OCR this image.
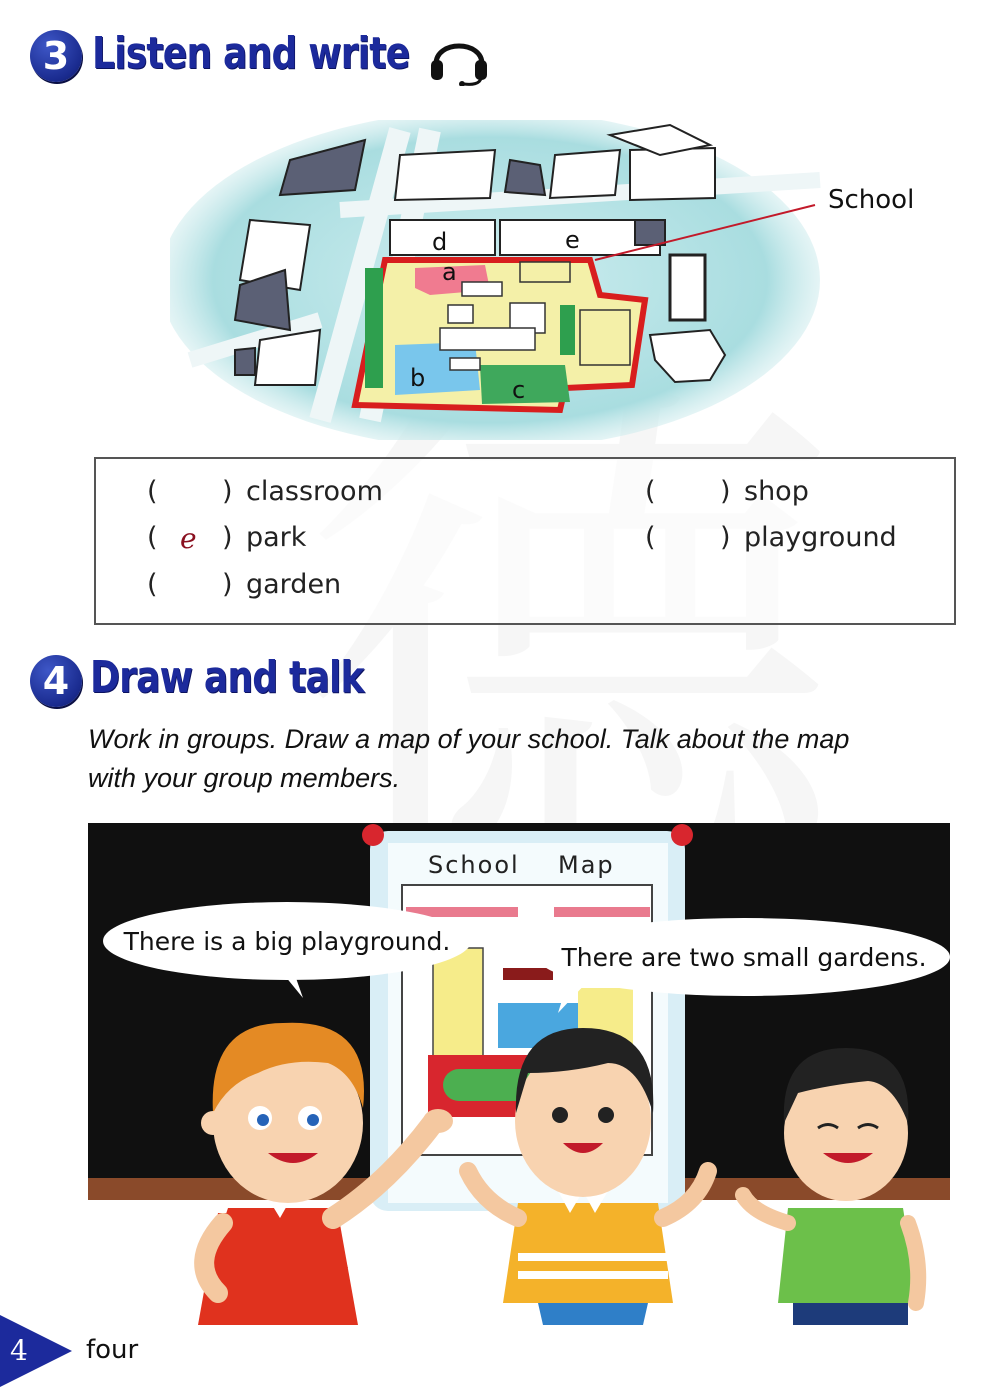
3 Listen and write
d	e
a
b	c
School
( ) classroom
( e ) park
( ) garden
( ) shop
( ) playground
4 Draw and talk
Work in groups. Draw a map of your school. Talk about the map
with your group members.
School Map
There is a big playground.
There are two small gardens.
4 four
